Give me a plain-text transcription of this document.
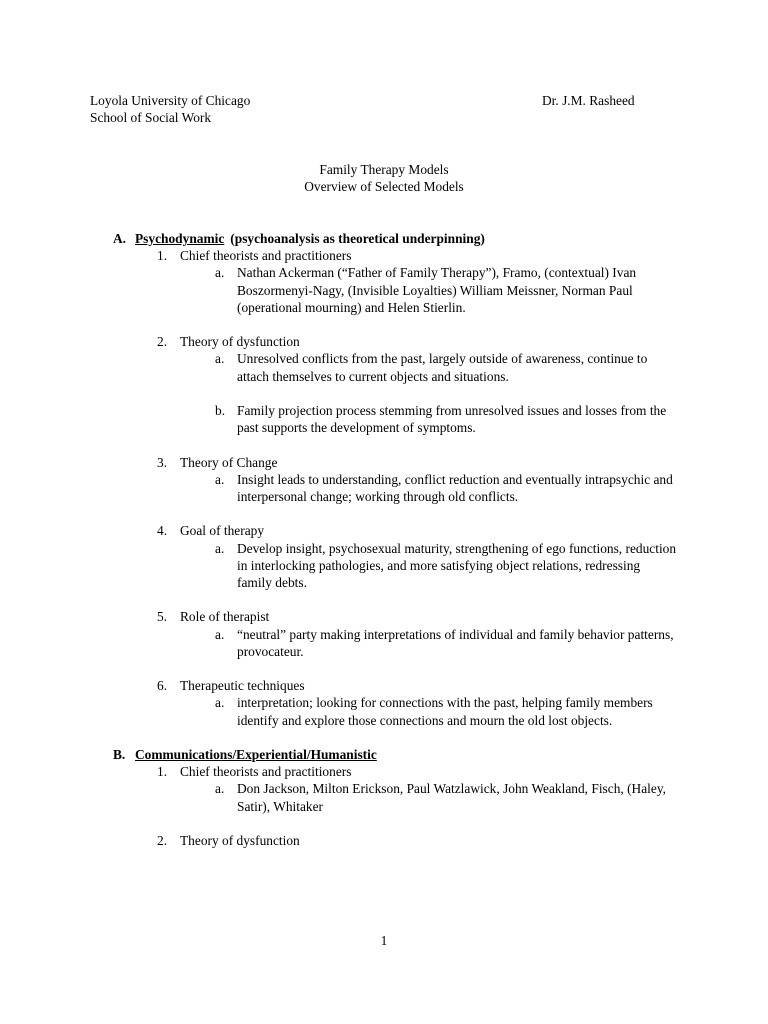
Loyola University of Chicago
School of Social Work
Dr. J.M. Rasheed
Family Therapy Models
Overview of Selected Models
A. Psychodynamic (psychoanalysis as theoretical underpinning)
1. Chief theorists and practitioners
a. Nathan Ackerman (“Father of Family Therapy”), Framo, (contextual) Ivan Boszormenyi-Nagy, (Invisible Loyalties) William Meissner, Norman Paul (operational mourning) and Helen Stierlin.
2. Theory of dysfunction
a. Unresolved conflicts from the past, largely outside of awareness, continue to attach themselves to current objects and situations.
b. Family projection process stemming from unresolved issues and losses from the past supports the development of symptoms.
3. Theory of Change
a. Insight leads to understanding, conflict reduction and eventually intrapsychic and interpersonal change; working through old conflicts.
4. Goal of therapy
a. Develop insight, psychosexual maturity, strengthening of ego functions, reduction in interlocking pathologies, and more satisfying object relations, redressing family debts.
5. Role of therapist
a. “neutral” party making interpretations of individual and family behavior patterns, provocateur.
6. Therapeutic techniques
a. interpretation; looking for connections with the past, helping family members identify and explore those connections and mourn the old lost objects.
B. Communications/Experiential/Humanistic
1. Chief theorists and practitioners
a. Don Jackson, Milton Erickson, Paul Watzlawick, John Weakland, Fisch, (Haley, Satir), Whitaker
2. Theory of dysfunction
1
